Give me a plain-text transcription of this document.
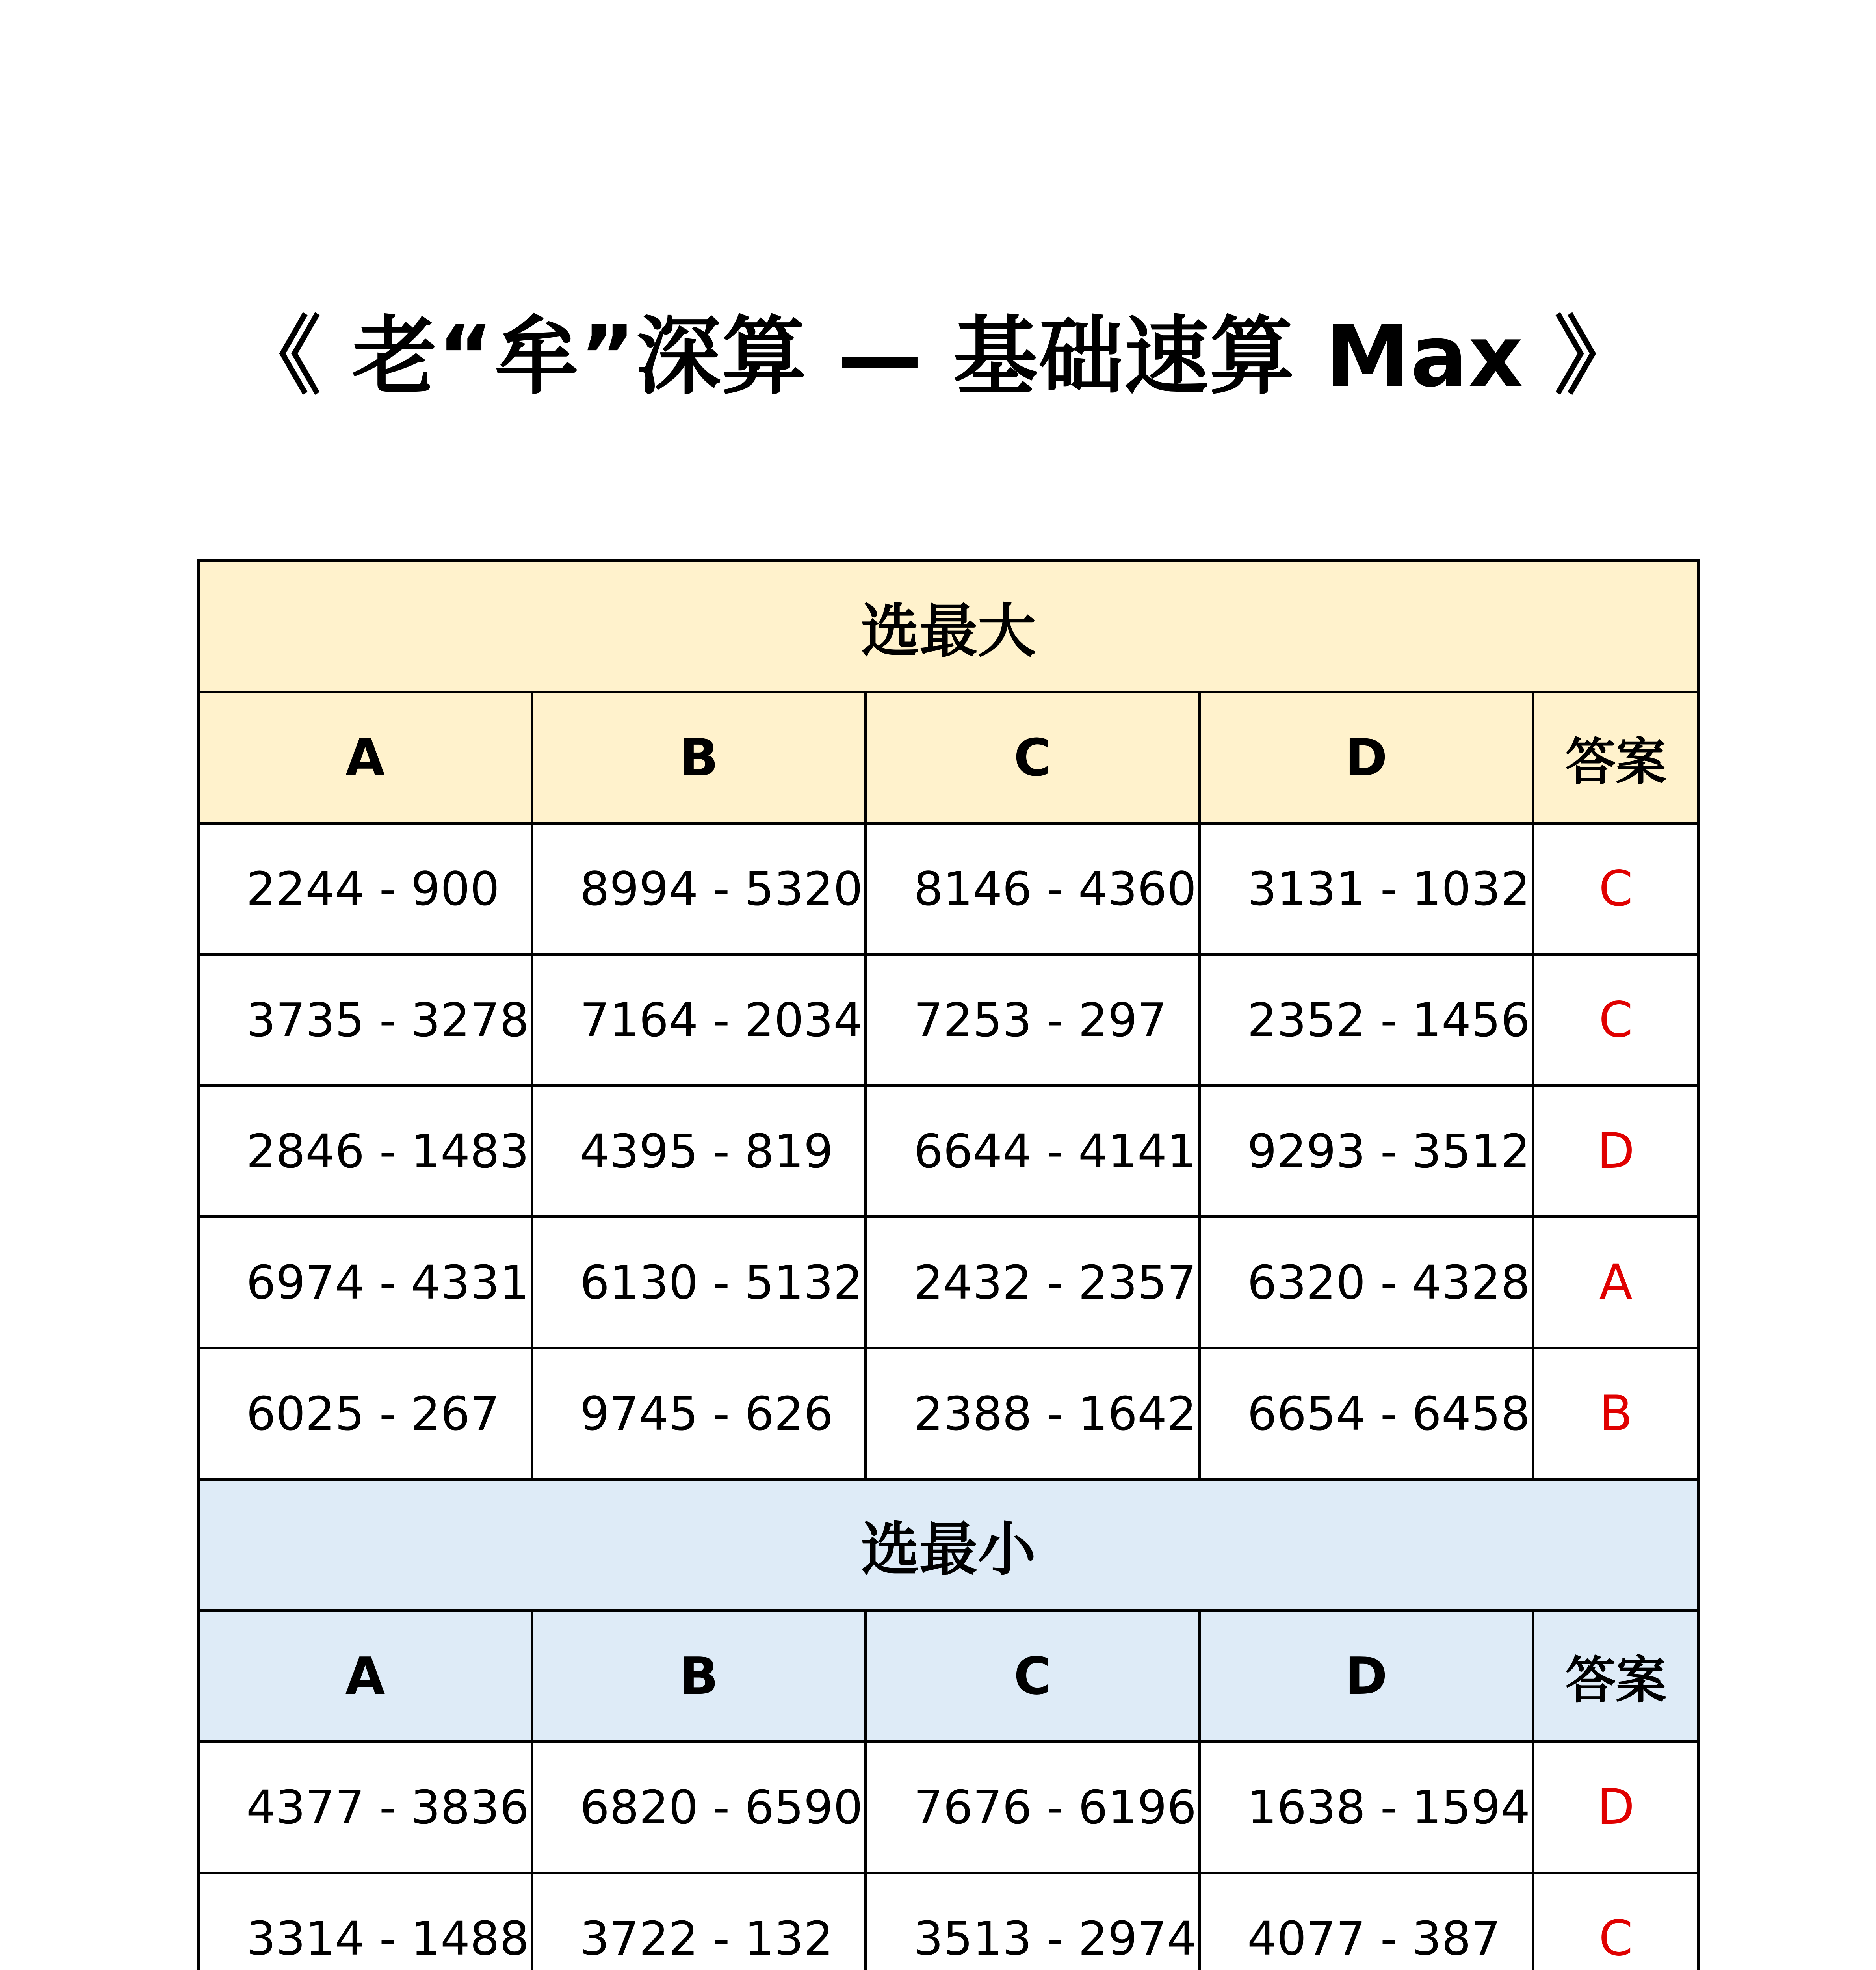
《 老“牟”深算 — 基础速算 Max 》
选最大				
A	B	C	D	答案
2244 - 900	8994 - 5320	8146 - 4360	3131 - 1032	C
3735 - 3278	7164 - 2034	7253 - 297	2352 - 1456	C
2846 - 1483	4395 - 819	6644 - 4141	9293 - 3512	D
6974 - 4331	6130 - 5132	2432 - 2357	6320 - 4328	A
6025 - 267	9745 - 626	2388 - 1642	6654 - 6458	B
选最小				
A	B	C	D	答案
4377 - 3836	6820 - 6590	7676 - 6196	1638 - 1594	D
3314 - 1488	3722 - 132	3513 - 2974	4077 - 387	C
